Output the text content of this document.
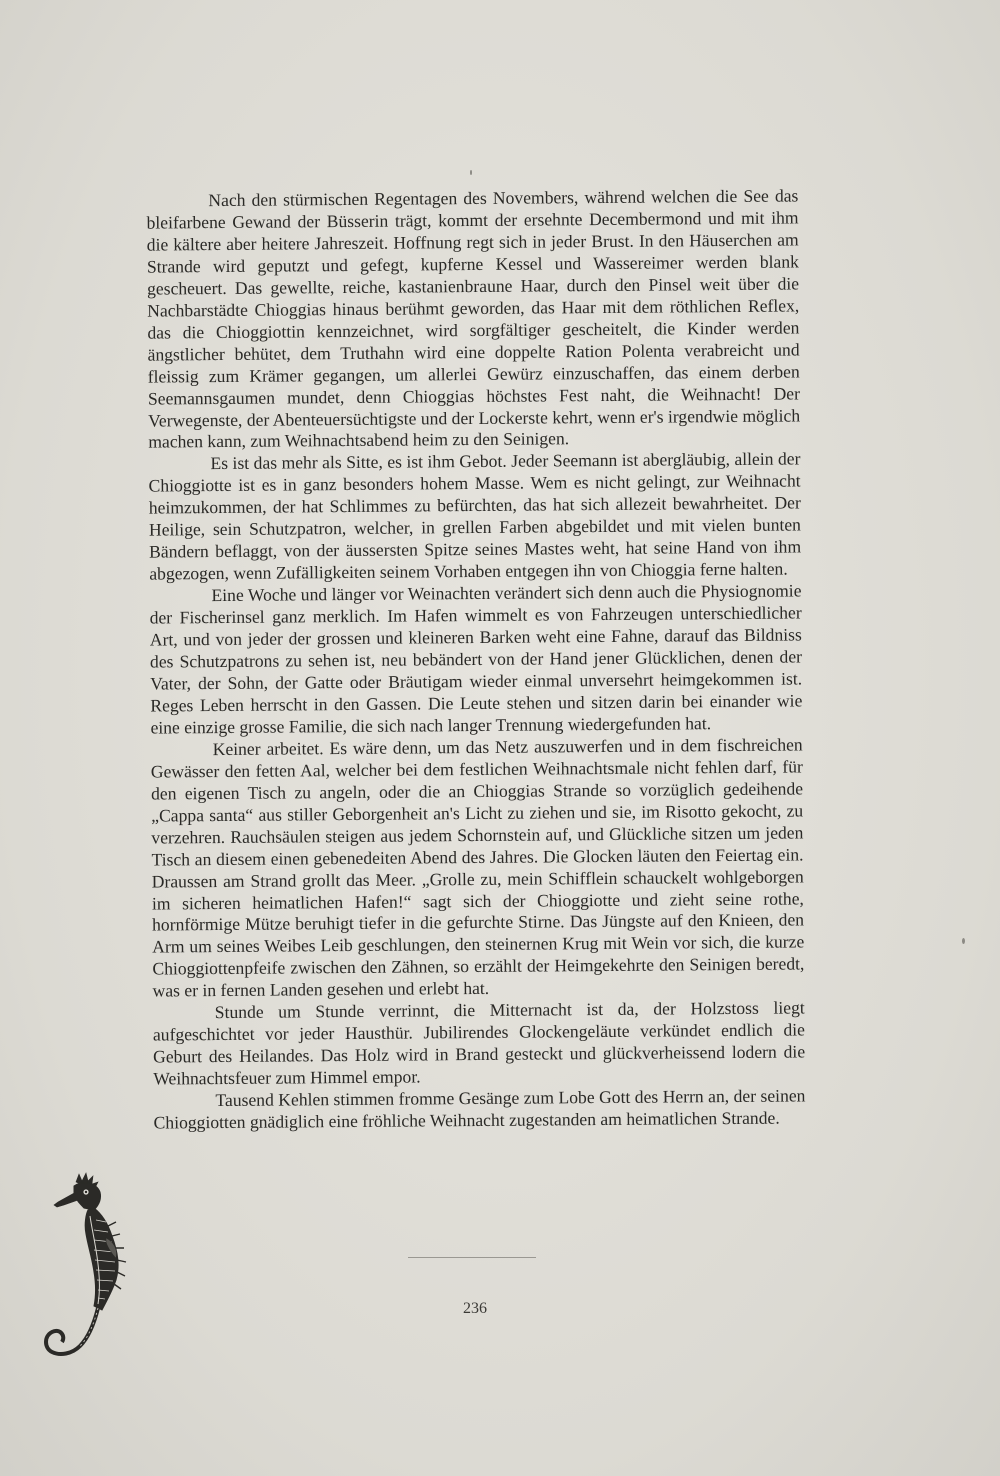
Nach den stürmischen Regentagen des Novembers, während welchen die See das bleifarbene Gewand der Büsserin trägt, kommt der ersehnte Decembermond und mit ihm die kältere aber heitere Jahreszeit. Hoffnung regt sich in jeder Brust. In den Häuserchen am Strande wird geputzt und gefegt, kupferne Kessel und Wassereimer werden blank gescheuert. Das gewellte, reiche, kastanienbraune Haar, durch den Pinsel weit über die Nachbarstädte Chioggias hinaus berühmt geworden, das Haar mit dem röthlichen Reflex, das die Chioggiottin kennzeichnet, wird sorgfältiger gescheitelt, die Kinder werden ängstlicher behütet, dem Truthahn wird eine doppelte Ration Polenta verabreicht und fleissig zum Krämer gegangen, um allerlei Gewürz einzuschaffen, das einem derben Seemannsgaumen mundet, denn Chioggias höchstes Fest naht, die Weihnacht! Der Verwegenste, der Abenteuersüchtigste und der Lockerste kehrt, wenn er's irgendwie möglich machen kann, zum Weihnachtsabend heim zu den Seinigen.

Es ist das mehr als Sitte, es ist ihm Gebot. Jeder Seemann ist abergläubig, allein der Chioggiotte ist es in ganz besonders hohem Masse. Wem es nicht gelingt, zur Weihnacht heimzukommen, der hat Schlimmes zu befürchten, das hat sich allezeit bewahrheitet. Der Heilige, sein Schutzpatron, welcher, in grellen Farben abgebildet und mit vielen bunten Bändern beflaggt, von der äussersten Spitze seines Mastes weht, hat seine Hand von ihm abgezogen, wenn Zufälligkeiten seinem Vorhaben entgegen ihn von Chioggia ferne halten.

Eine Woche und länger vor Weinachten verändert sich denn auch die Physiognomie der Fischerinsel ganz merklich. Im Hafen wimmelt es von Fahrzeugen unterschiedlicher Art, und von jeder der grossen und kleineren Barken weht eine Fahne, darauf das Bildniss des Schutzpatrons zu sehen ist, neu bebändert von der Hand jener Glücklichen, denen der Vater, der Sohn, der Gatte oder Bräutigam wieder einmal unversehrt heimgekommen ist. Reges Leben herrscht in den Gassen. Die Leute stehen und sitzen darin bei einander wie eine einzige grosse Familie, die sich nach langer Trennung wiedergefunden hat.

Keiner arbeitet. Es wäre denn, um das Netz auszuwerfen und in dem fischreichen Gewässer den fetten Aal, welcher bei dem festlichen Weihnachtsmale nicht fehlen darf, für den eigenen Tisch zu angeln, oder die an Chioggias Strande so vorzüglich gedeihende „Cappa santa“ aus stiller Geborgenheit an's Licht zu ziehen und sie, im Risotto gekocht, zu verzehren. Rauchsäulen steigen aus jedem Schornstein auf, und Glückliche sitzen um jeden Tisch an diesem einen gebenedeiten Abend des Jahres. Die Glocken läuten den Feiertag ein. Draussen am Strand grollt das Meer. „Grolle zu, mein Schifflein schauckelt wohlgeborgen im sicheren heimatlichen Hafen!“ sagt sich der Chioggiotte und zieht seine rothe, hornförmige Mütze beruhigt tiefer in die gefurchte Stirne. Das Jüngste auf den Knieen, den Arm um seines Weibes Leib geschlungen, den steinernen Krug mit Wein vor sich, die kurze Chioggiottenpfeife zwischen den Zähnen, so erzählt der Heimgekehrte den Seinigen beredt, was er in fernen Landen gesehen und erlebt hat.

Stunde um Stunde verrinnt, die Mitternacht ist da, der Holzstoss liegt aufgeschichtet vor jeder Hausthür. Jubilirendes Glockengeläute verkündet endlich die Geburt des Heilandes. Das Holz wird in Brand gesteckt und glückverheissend lodern die Weihnachtsfeuer zum Himmel empor.

Tausend Kehlen stimmen fromme Gesänge zum Lobe Gott des Herrn an, der seinen Chioggiotten gnädiglich eine fröhliche Weihnacht zugestanden am heimatlichen Strande.

236
